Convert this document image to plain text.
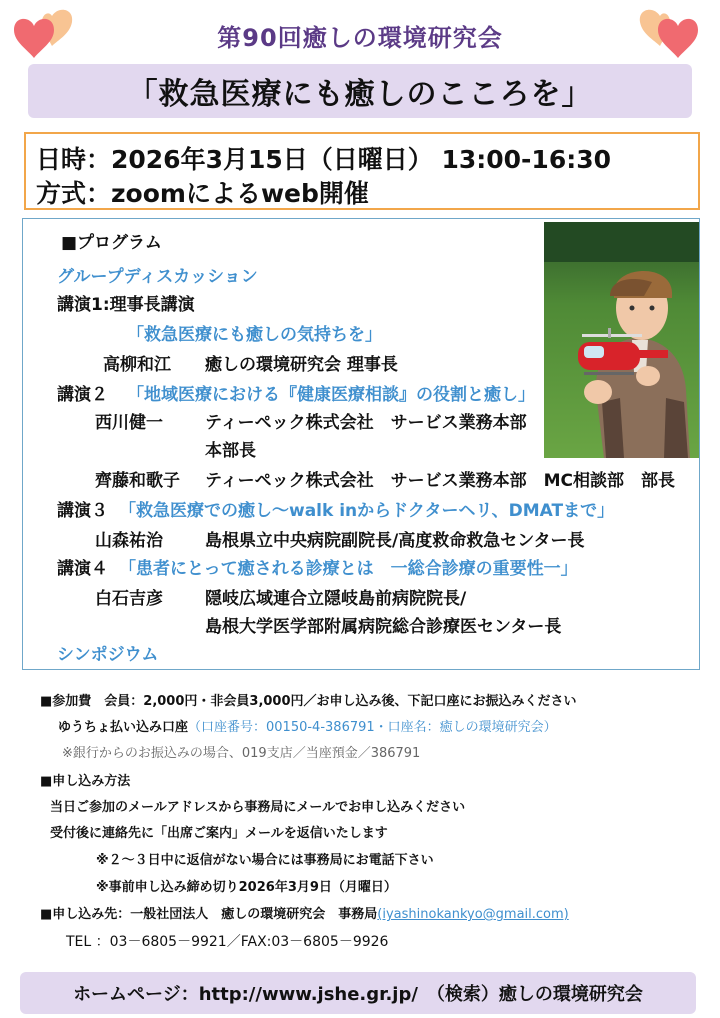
第90回癒しの環境研究会
「救急医療にも癒しのこころを」
日時：2026年3月15日（日曜日） 13:00-16:30
方式：zoomによるweb開催
■プログラム
グループディスカッション
講演1:理事長講演
「救急医療にも癒しの気持ちを」
高柳和江 癒しの環境研究会 理事長
講演２ 「地域医療における『健康医療相談』の役割と癒し」
西川健一 ティーペック株式会社　サービス業務本部
本部長
齊藤和歌子 ティーペック株式会社　サービス業務本部　MC相談部　部長
講演３ 「救急医療での癒し～walk inからドクターヘリ、DMATまで」
山森祐治 島根県立中央病院副院長/高度救命救急センター長
講演４ 「患者にとって癒される診療とは　一総合診療の重要性一」
白石吉彦 隠岐広域連合立隠岐島前病院院長/
島根大学医学部附属病院総合診療医センター長
シンポジウム
■参加費　会員：2,000円・非会員3,000円／お申し込み後、下記口座にお振込みください
ゆうちょ払い込み口座（口座番号：00150-4-386791・口座名：癒しの環境研究会）
※銀行からのお振込みの場合、019支店／当座預金／386791
■申し込み方法
当日ご参加のメールアドレスから事務局にメールでお申し込みください
受付後に連絡先に「出席ご案内」メールを返信いたします
※２～３日中に返信がない場合には事務局にお電話下さい
※事前申し込み締め切り2026年3月9日（月曜日）
■申し込み先：一般社団法人　癒しの環境研究会　事務局(iyashinokankyo@gmail.com)
TEL ：03－6805－9921／FAX:03－6805－9926
ホームページ：http://www.jshe.gr.jp/　（検索）癒しの環境研究会
